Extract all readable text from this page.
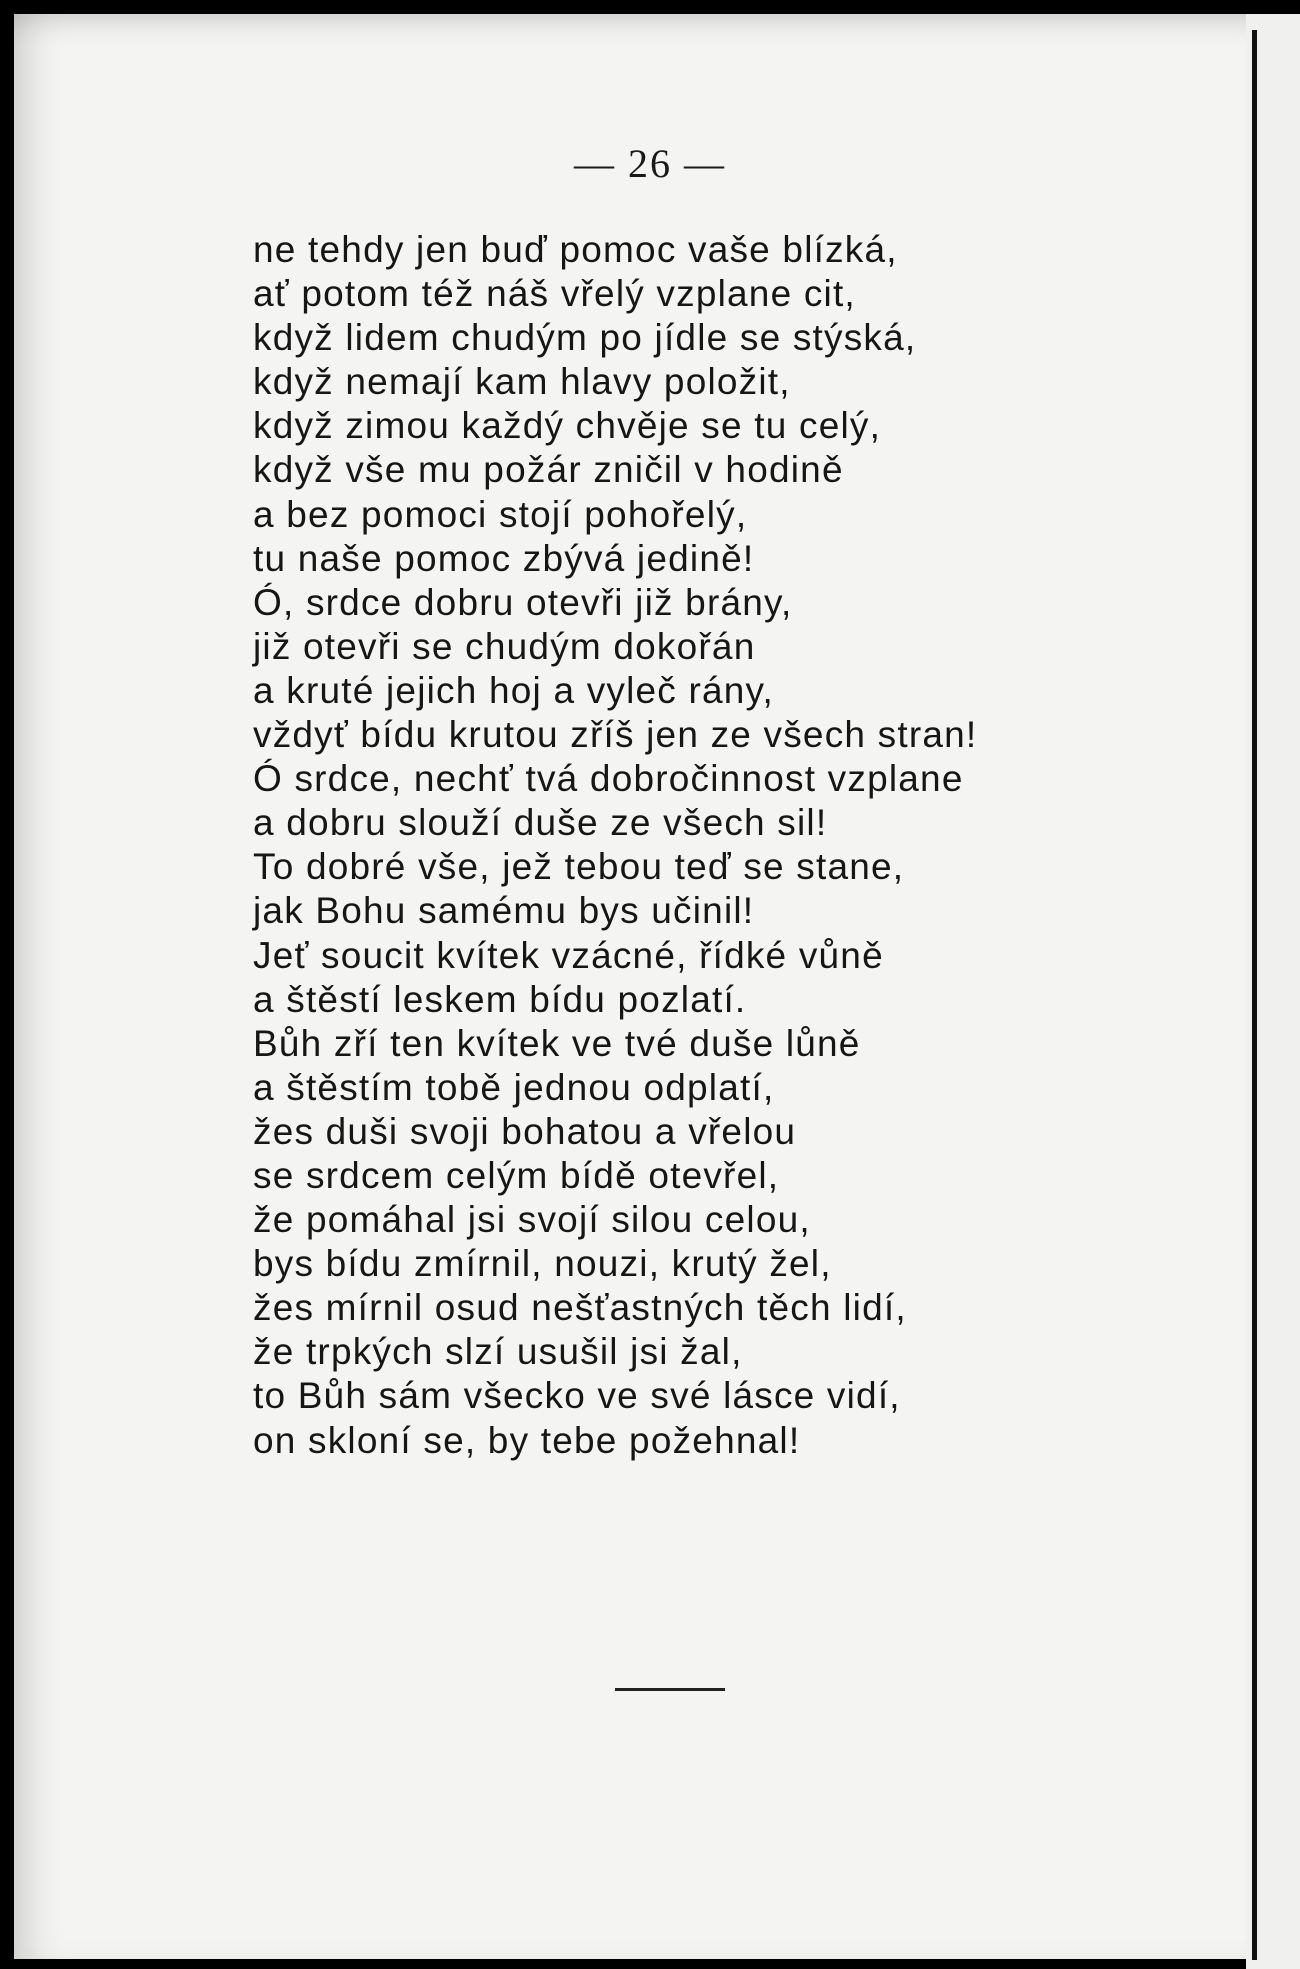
— 26 —
ne tehdy jen buď pomoc vaše blízká,
ať potom též náš vřelý vzplane cit,
když lidem chudým po jídle se stýská,
když nemají kam hlavy položit,
když zimou každý chvěje se tu celý,
když vše mu požár zničil v hodině
a bez pomoci stojí pohořelý,
tu naše pomoc zbývá jedině!
Ó, srdce dobru otevři již brány,
již otevři se chudým dokořán
a kruté jejich hoj a vyleč rány,
vždyť bídu krutou zříš jen ze všech stran!
Ó srdce, nechť tvá dobročinnost vzplane
a dobru slouží duše ze všech sil!
To dobré vše, jež tebou teď se stane,
jak Bohu samému bys učinil!
Jeť soucit kvítek vzácné, řídké vůně
a štěstí leskem bídu pozlatí.
Bůh zří ten kvítek ve tvé duše lůně
a štěstím tobě jednou odplatí,
žes duši svoji bohatou a vřelou
se srdcem celým bídě otevřel,
že pomáhal jsi svojí silou celou,
bys bídu zmírnil, nouzi, krutý žel,
žes mírnil osud nešťastných těch lidí,
že trpkých slzí usušil jsi žal,
to Bůh sám všecko ve své lásce vidí,
on skloní se, by tebe požehnal!
